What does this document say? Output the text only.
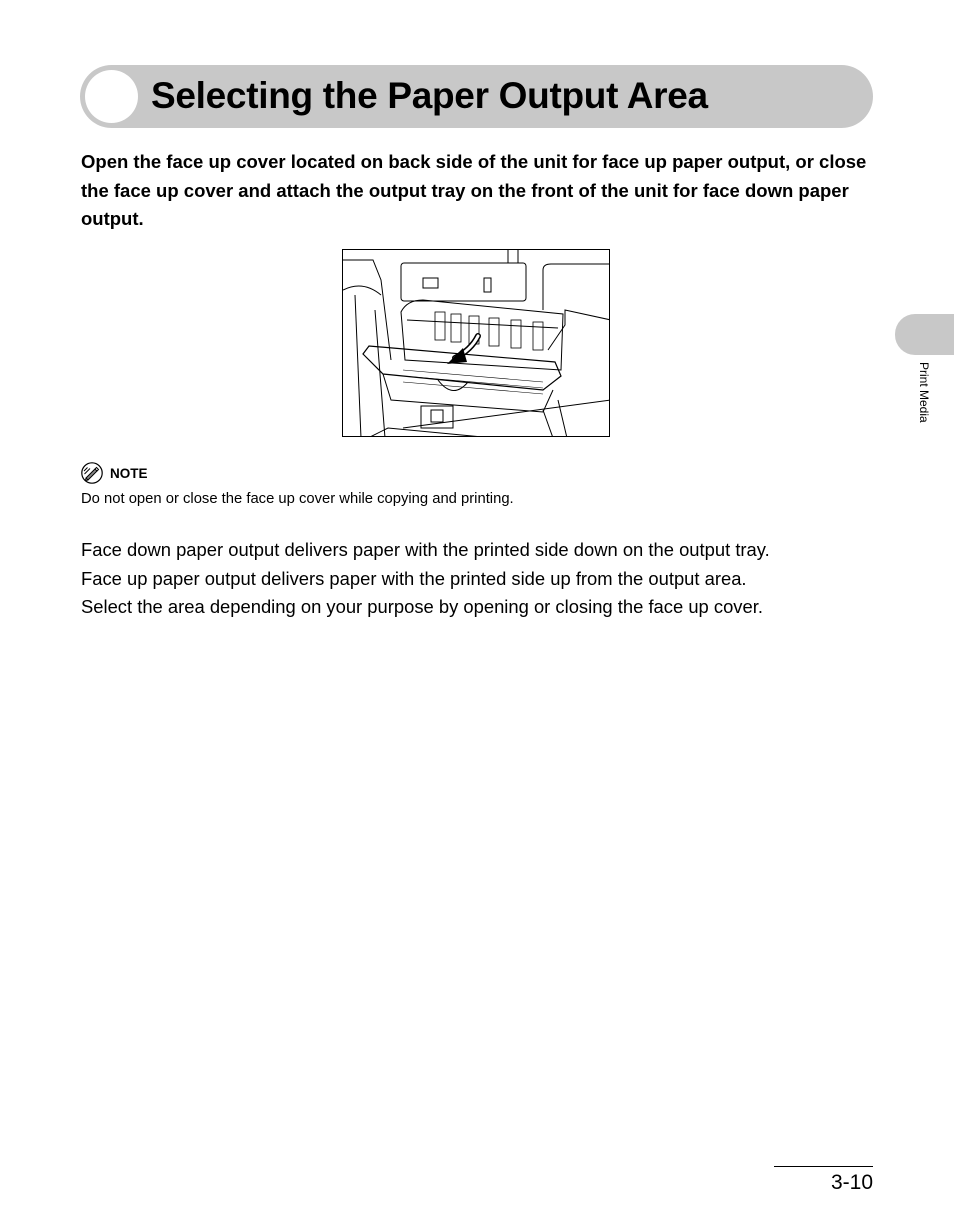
Selecting the Paper Output Area

Open the face up cover located on back side of the unit for face up paper output, or close the face up cover and attach the output tray on the front of the unit for face down paper output.

NOTE
Do not open or close the face up cover while copying and printing.
Face down paper output delivers paper with the printed side down on the output tray.
Face up paper output delivers paper with the printed side up from the output area.
Select the area depending on your purpose by opening or closing the face up cover.
Print Media
3-10
